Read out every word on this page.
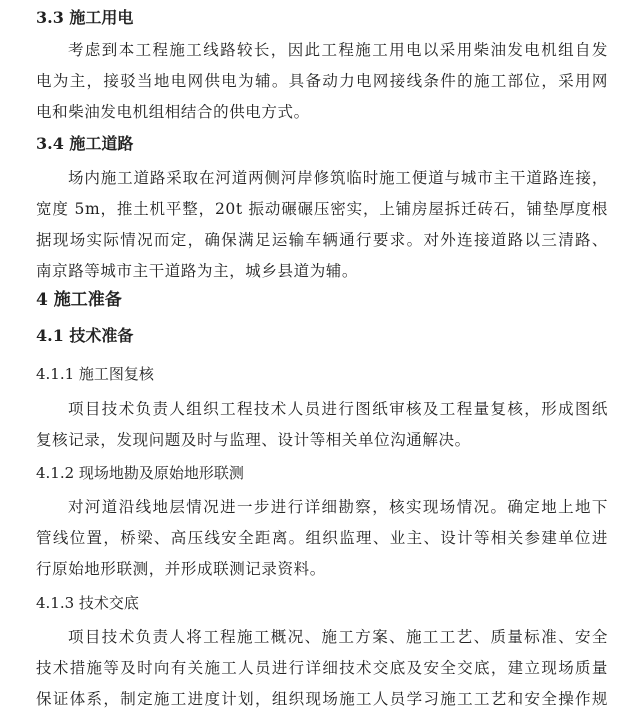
3.3 施工用电
考虑到本工程施工线路较长，因此工程施工用电以采用柴油发电机组自发
电为主，接驳当地电网供电为辅。具备动力电网接线条件的施工部位，采用网
电和柴油发电机组相结合的供电方式。
3.4 施工道路
场内施工道路采取在河道两侧河岸修筑临时施工便道与城市主干道路连接，
宽度 5m，推土机平整，20t 振动碾碾压密实，上铺房屋拆迁砖石，铺垫厚度根
据现场实际情况而定，确保满足运输车辆通行要求。对外连接道路以三清路、
南京路等城市主干道路为主，城乡县道为辅。
4 施工准备
4.1 技术准备
4.1.1 施工图复核
项目技术负责人组织工程技术人员进行图纸审核及工程量复核，形成图纸
复核记录，发现问题及时与监理、设计等相关单位沟通解决。
4.1.2 现场地勘及原始地形联测
对河道沿线地层情况进一步进行详细勘察，核实现场情况。确定地上地下
管线位置，桥梁、高压线安全距离。组织监理、业主、设计等相关参建单位进
行原始地形联测，并形成联测记录资料。
4.1.3 技术交底
项目技术负责人将工程施工概况、施工方案、施工工艺、质量标准、安全
技术措施等及时向有关施工人员进行详细技术交底及安全交底，建立现场质量
保证体系，制定施工进度计划，组织现场施工人员学习施工工艺和安全操作规
